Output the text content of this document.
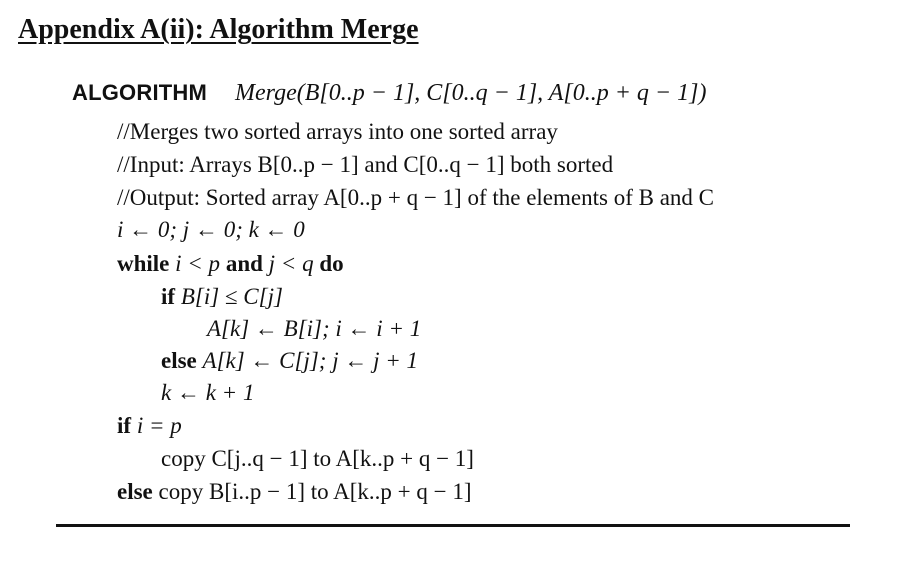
Appendix A(ii): Algorithm Merge
ALGORITHM Merge(B[0..p − 1], C[0..q − 1], A[0..p + q − 1])
//Merges two sorted arrays into one sorted array
//Input: Arrays B[0..p − 1] and C[0..q − 1] both sorted
//Output: Sorted array A[0..p + q − 1] of the elements of B and C
i ← 0; j ← 0; k ← 0
while i < p and j < q do
if B[i] ≤ C[j]
A[k] ← B[i]; i ← i + 1
else A[k] ← C[j]; j ← j + 1
k ← k + 1
if i = p
copy C[j..q − 1] to A[k..p + q − 1]
else copy B[i..p − 1] to A[k..p + q − 1]
